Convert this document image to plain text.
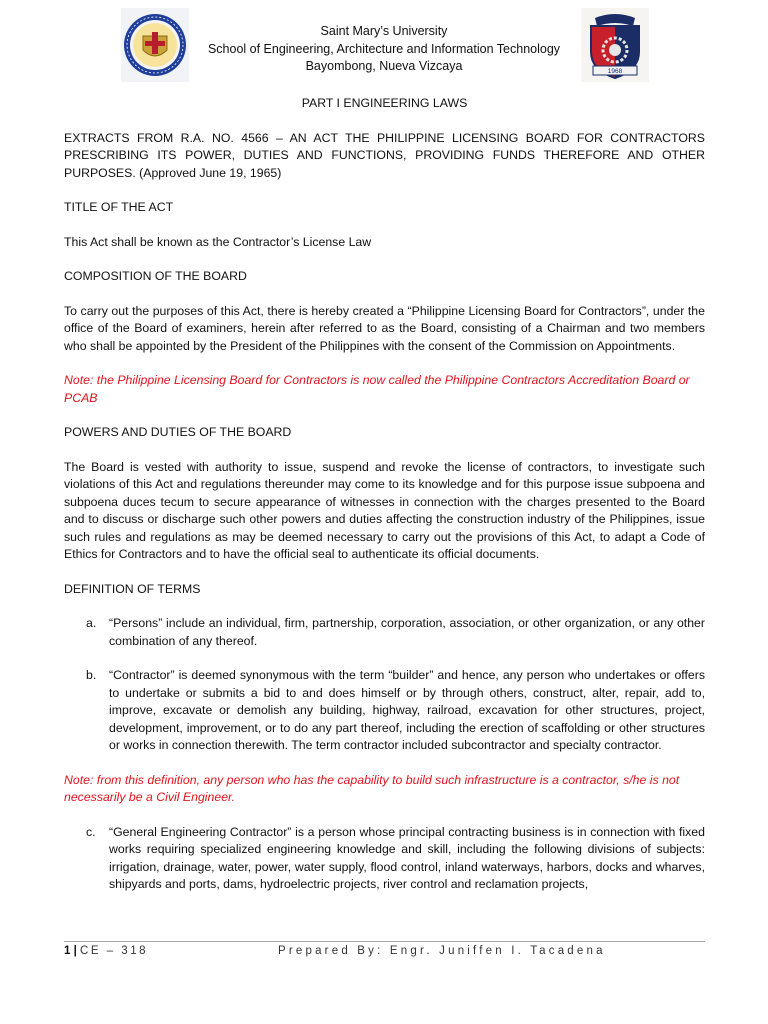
1968
Saint Mary’s University
School of Engineering, Architecture and Information Technology
Bayombong, Nueva Vizcaya

PART I ENGINEERING LAWS

EXTRACTS FROM R.A. NO. 4566 – AN ACT THE PHILIPPINE LICENSING BOARD FOR CONTRACTORS PRESCRIBING ITS POWER, DUTIES AND FUNCTIONS, PROVIDING FUNDS THEREFORE AND OTHER PURPOSES. (Approved June 19, 1965)

TITLE OF THE ACT

This Act shall be known as the Contractor’s License Law

COMPOSITION OF THE BOARD

To carry out the purposes of this Act, there is hereby created a “Philippine Licensing Board for Contractors”, under the office of the Board of examiners, herein after referred to as the Board, consisting of a Chairman and two members who shall be appointed by the President of the Philippines with the consent of the Commission on Appointments.

Note: the Philippine Licensing Board for Contractors is now called the Philippine Contractors Accreditation Board or PCAB

POWERS AND DUTIES OF THE BOARD

The Board is vested with authority to issue, suspend and revoke the license of contractors, to investigate such violations of this Act and regulations thereunder may come to its knowledge and for this purpose issue subpoena and subpoena duces tecum to secure appearance of witnesses in connection with the charges presented to the Board and to discuss or discharge such other powers and duties affecting the construction industry of the Philippines, issue such rules and regulations as may be deemed necessary to carry out the provisions of this Act, to adapt a Code of Ethics for Contractors and to have the official seal to authenticate its official documents.

DEFINITION OF TERMS

a. “Persons” include an individual, firm, partnership, corporation, association, or other organization, or any other combination of any thereof.
b. “Contractor” is deemed synonymous with the term “builder” and hence, any person who undertakes or offers to undertake or submits a bid to and does himself or by through others, construct, alter, repair, add to, improve, excavate or demolish any building, highway, railroad, excavation for other structures, project, development, improvement, or to do any part thereof, including the erection of scaffolding or other structures or works in connection therewith. The term contractor included subcontractor and specialty contractor.

Note: from this definition, any person who has the capability to build such infrastructure is a contractor, s/he is not necessarily be a Civil Engineer.

c. “General Engineering Contractor” is a person whose principal contracting business is in connection with fixed works requiring specialized engineering knowledge and skill, including the following divisions of subjects: irrigation, drainage, water, power, water supply, flood control, inland waterways, harbors, docks and wharves, shipyards and ports, dams, hydroelectric projects, river control and reclamation projects,
1 | CE – 318	Prepared By: Engr. Juniffen I. Tacadena
